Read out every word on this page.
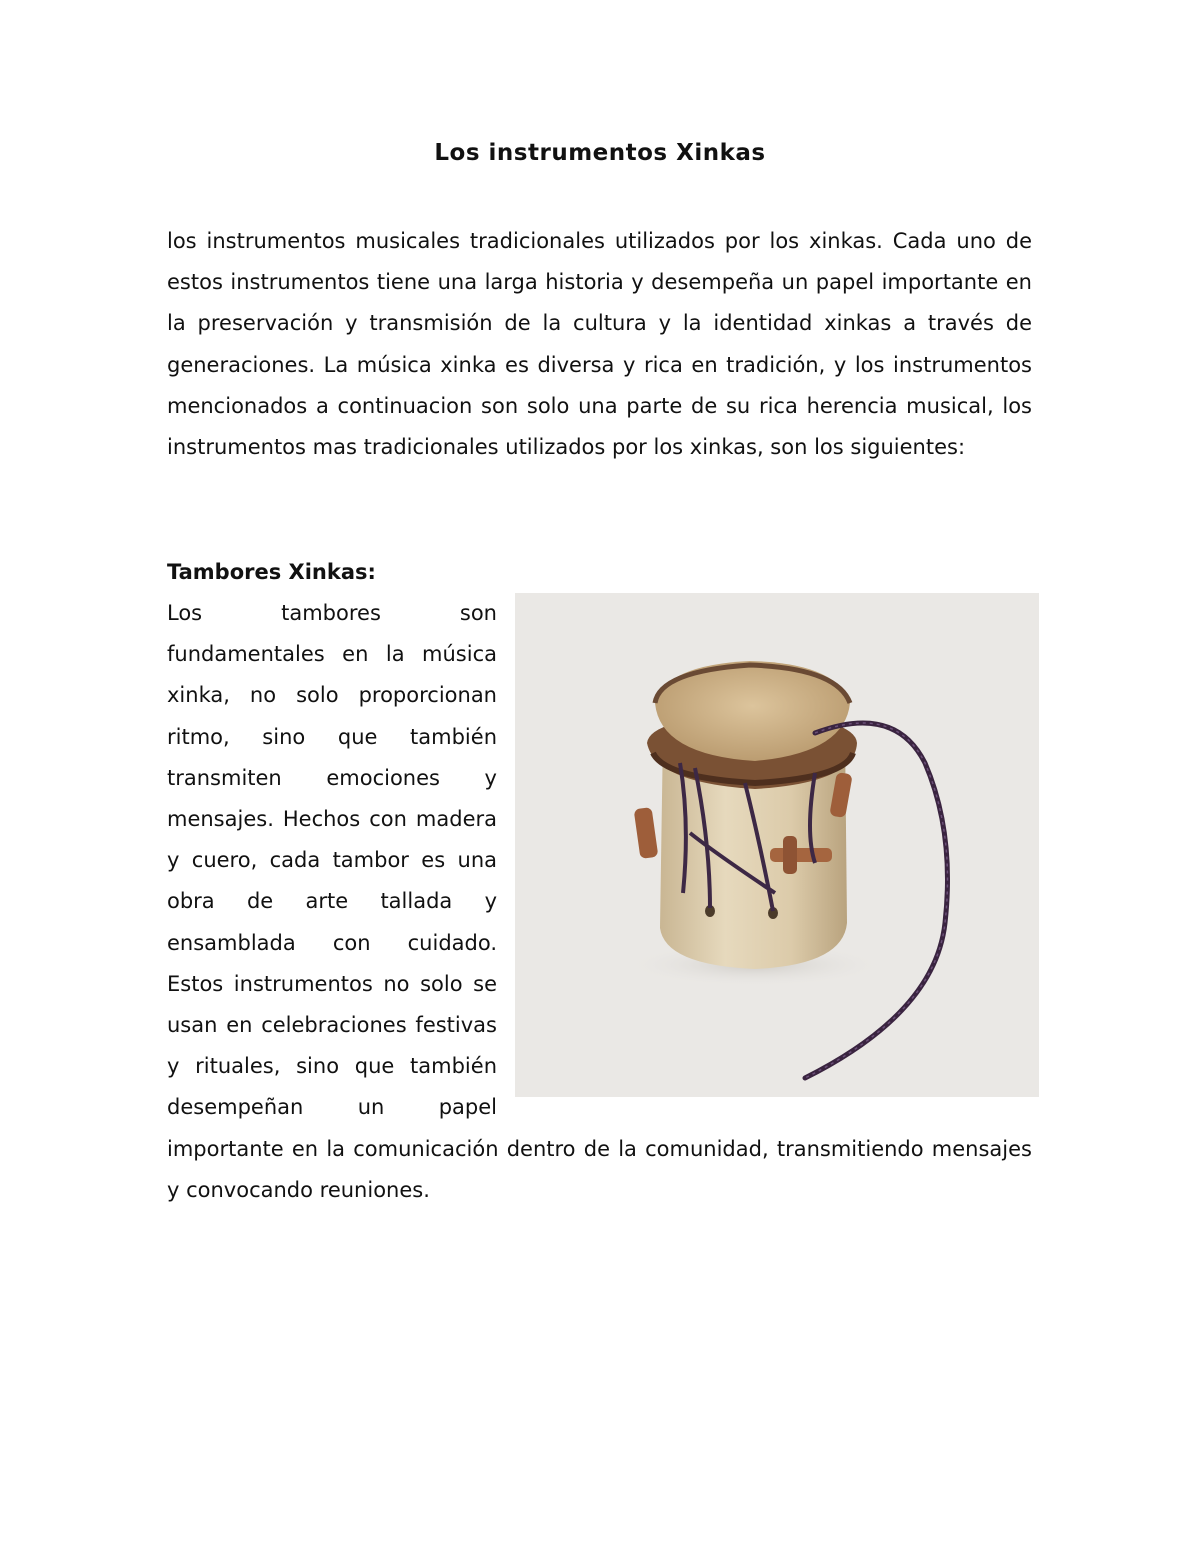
Los instrumentos Xinkas

los instrumentos musicales tradicionales utilizados por los xinkas. Cada uno de estos instrumentos tiene una larga historia y desempeña un papel importante en la preservación y transmisión de la cultura y la identidad xinkas a través de generaciones. La música xinka es diversa y rica en tradición, y los instrumentos mencionados a continuacion son solo una parte de su rica herencia musical, los instrumentos mas tradicionales utilizados por los xinkas, son los siguientes:

Tambores Xinkas:
Los tambores son fundamentales en la música xinka, no solo proporcionan ritmo, sino que también transmiten emociones y mensajes. Hechos con madera y cuero, cada tambor es una obra de arte tallada y ensamblada con cuidado. Estos instrumentos no solo se usan en celebraciones festivas y rituales, sino que también desempeñan un papel importante en la comunicación dentro de la comunidad, transmitiendo mensajes y convocando reuniones.
